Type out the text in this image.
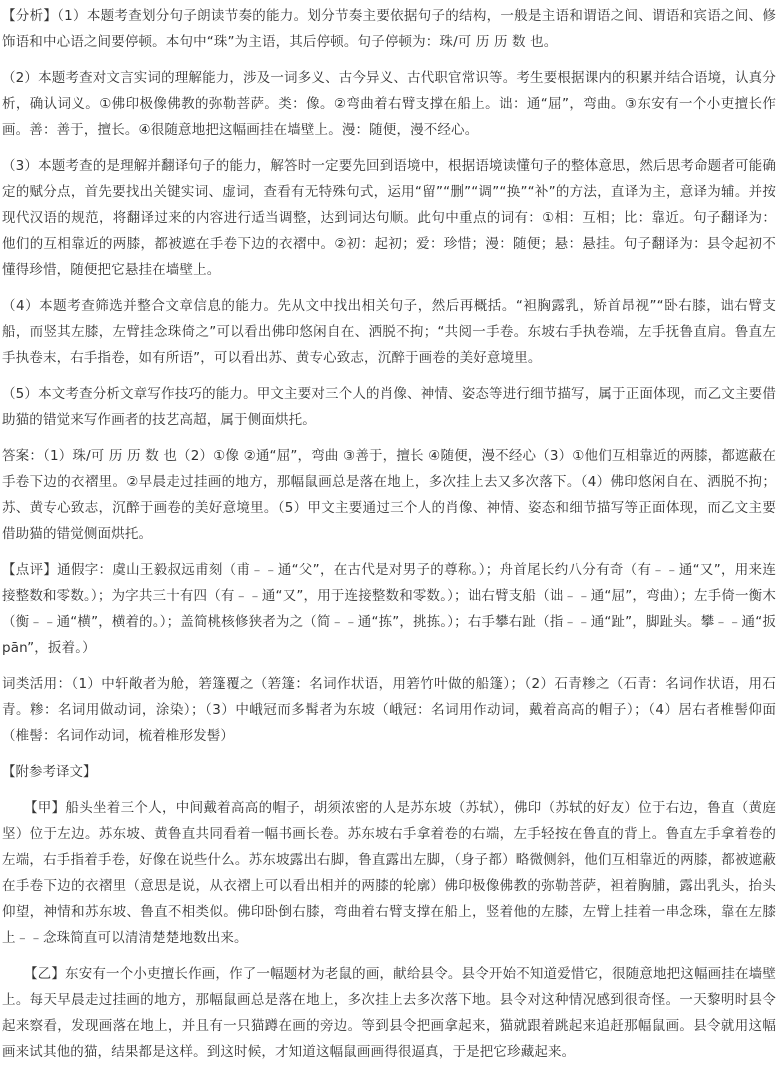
【分析】（1）本题考查划分句子朗读节奏的能力。划分节奏主要依据句子的结构，一般是主语和谓语之间、谓语和宾语之间、修饰语和中心语之间要停顿。本句中“珠”为主语，其后停顿。句子停顿为：珠/可 历 历 数 也。

（2）本题考查对文言实词的理解能力，涉及一词多义、古今异义、古代职官常识等。考生要根据课内的积累并结合语境，认真分析，确认词义。①佛印极像佛教的弥勒菩萨。类：像。②弯曲着右臂支撑在船上。诎：通“屈”，弯曲。③东安有一个小吏擅长作画。善：善于，擅长。④很随意地把这幅画挂在墙壁上。漫：随便，漫不经心。

（3）本题考查的是理解并翻译句子的能力，解答时一定要先回到语境中，根据语境读懂句子的整体意思，然后思考命题者可能确定的赋分点，首先要找出关键实词、虚词，查看有无特殊句式，运用“留”“删”“调”“换”“补”的方法，直译为主，意译为辅。并按现代汉语的规范，将翻译过来的内容进行适当调整，达到词达句顺。此句中重点的词有：①相：互相；比：靠近。句子翻译为：他们的互相靠近的两膝，都被遮在手卷下边的衣褶中。②初：起初；爱：珍惜；漫：随便；悬：悬挂。句子翻译为：县令起初不懂得珍惜，随便把它悬挂在墙壁上。

（4）本题考查筛选并整合文章信息的能力。先从文中找出相关句子，然后再概括。“袒胸露乳，矫首昂视”“卧右膝，诎右臂支船，而竖其左膝，左臂挂念珠倚之”可以看出佛印悠闲自在、洒脱不拘；“共阅一手卷。东坡右手执卷端，左手抚鲁直肩。鲁直左手执卷末，右手指卷，如有所语”，可以看出苏、黄专心致志，沉醉于画卷的美好意境里。

（5）本文考查分析文章写作技巧的能力。甲文主要对三个人的肖像、神情、姿态等进行细节描写，属于正面体现，而乙文主要借助猫的错觉来写作画者的技艺高超，属于侧面烘托。

答案：（1）珠/可 历 历 数 也（2）①像 ②通“屈”，弯曲 ③善于，擅长 ④随便，漫不经心（3）①他们互相靠近的两膝，都遮蔽在手卷下边的衣褶里。②早晨走过挂画的地方，那幅鼠画总是落在地上，多次挂上去又多次落下。（4）佛印悠闲自在、洒脱不拘；苏、黄专心致志，沉醉于画卷的美好意境里。（5）甲文主要通过三个人的肖像、神情、姿态和细节描写等正面体现，而乙文主要借助猫的错觉侧面烘托。

【点评】通假字：虞山王毅叔远甫刻（甫﹣﹣通“父”，在古代是对男子的尊称。）；舟首尾长约八分有奇（有﹣﹣通“又”，用来连接整数和零数。）；为字共三十有四（有﹣﹣通“又”，用于连接整数和零数。）；诎右臂支船（诎﹣﹣通“屈”，弯曲）；左手倚一衡木（衡﹣﹣通“横”，横着的。）；盖简桃核修狭者为之（简﹣﹣通“拣”，挑拣。）；右手攀右趾（指﹣﹣通“趾”，脚趾头。攀﹣﹣通“扳pān”，扳着。）

词类活用：（1）中轩敞者为舱，箬篷覆之（箬篷：名词作状语，用箬竹叶做的船篷）；（2）石青糁之（石青：名词作状语，用石青。糁：名词用做动词，涂染）；（3）中峨冠而多髯者为东坡（峨冠：名词用作动词，戴着高高的帽子）；（4）居右者椎髻仰面（椎髻：名词作动词，梳着椎形发髻）

【附参考译文】

【甲】船头坐着三个人，中间戴着高高的帽子，胡须浓密的人是苏东坡（苏轼），佛印（苏轼的好友）位于右边，鲁直（黄庭坚）位于左边。苏东坡、黄鲁直共同看着一幅书画长卷。苏东坡右手拿着卷的右端，左手轻按在鲁直的背上。鲁直左手拿着卷的左端，右手指着手卷，好像在说些什么。苏东坡露出右脚，鲁直露出左脚，（身子都）略微侧斜，他们互相靠近的两膝，都被遮蔽在手卷下边的衣褶里（意思是说，从衣褶上可以看出相并的两膝的轮廓）佛印极像佛教的弥勒菩萨，袒着胸脯，露出乳头，抬头仰望，神情和苏东坡、鲁直不相类似。佛印卧倒右膝，弯曲着右臂支撑在船上，竖着他的左膝，左臂上挂着一串念珠，靠在左膝上﹣﹣念珠简直可以清清楚楚地数出来。

【乙】东安有一个小吏擅长作画，作了一幅题材为老鼠的画，献给县令。县令开始不知道爱惜它，很随意地把这幅画挂在墙壁上。每天早晨走过挂画的地方，那幅鼠画总是落在地上，多次挂上去多次落下地。县令对这种情况感到很奇怪。一天黎明时县令起来察看，发现画落在地上，并且有一只猫蹲在画的旁边。等到县令把画拿起来，猫就跟着跳起来追赶那幅鼠画。县令就用这幅画来试其他的猫，结果都是这样。到这时候，才知道这幅鼠画画得很逼真，于是把它珍藏起来。
